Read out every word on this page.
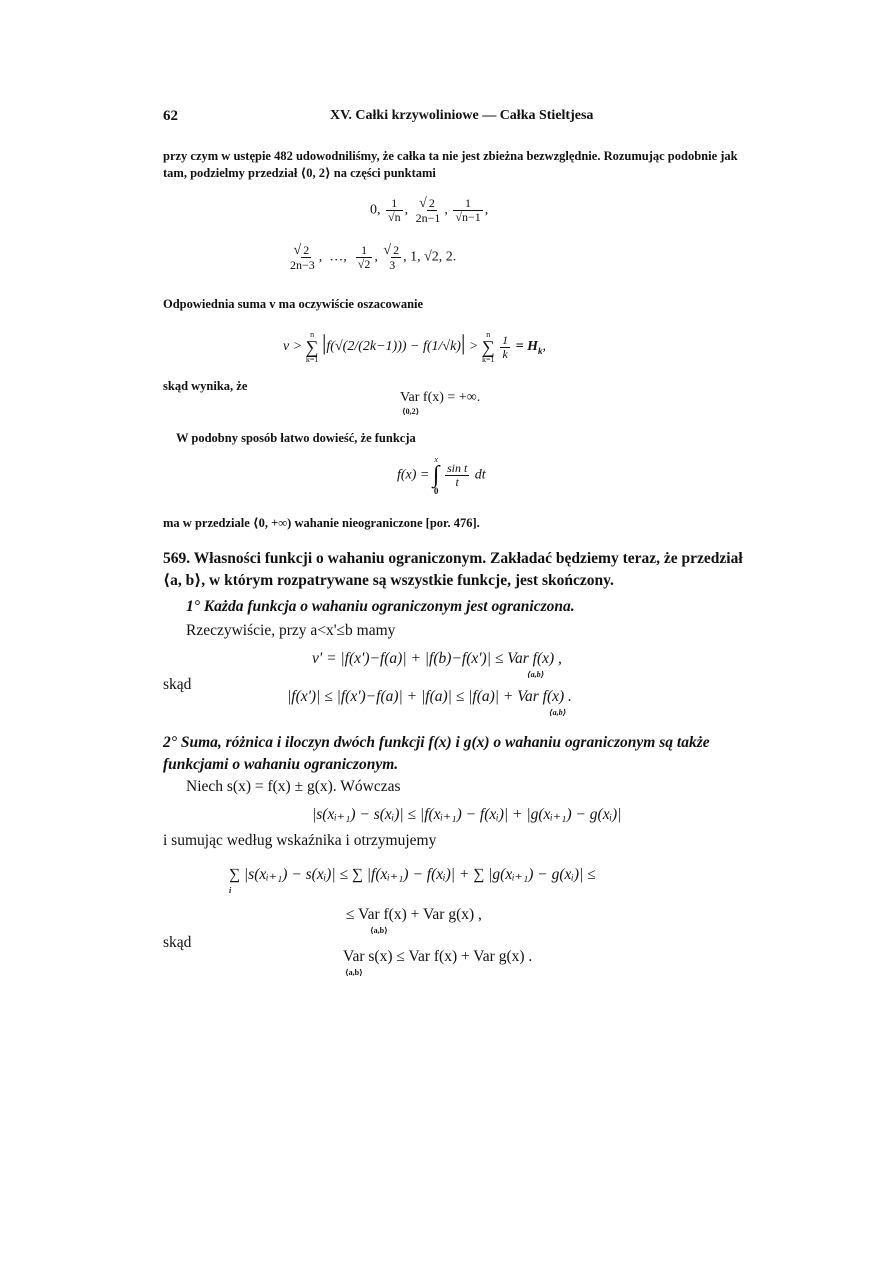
62	XV. Całki krzywoliniowe — Całka Stieltjesa
przy czym w ustępie 482 udowodniliśmy, że całka ta nie jest zbieżna bezwzględnie. Rozumując podobnie jak tam, podzielmy przedział ⟨0, 2⟩ na części punktami
0, $\frac{1}{√n}$ , √ 2
2n−1
, $\frac{1}{√n-1}$ ,
√ 2
2n−3
,  …, $\frac{1}{√2}$ , √ 2
3
, 1, √2, 2.
Odpowiednia suma v ma oczywiście oszacowanie
v >
n
∑
k=1
|f(√(2/(2k−1))) − f(1/√k)| >
n
∑
k=1
$\frac{1}{k} = H_k$,
skąd wynika, że
Var f(x) = +∞.
⟨0,2⟩
W podobny sposób łatwo dowieść, że funkcja
f(x) =
x
∫
0

$\frac{\text{sin t}}{t}$ dt
ma w przedziale ⟨0, +∞) wahanie nieograniczone [por. 476].
569. Własności funkcji o wahaniu ograniczonym. Zakładać będziemy teraz, że przedział ⟨a, b⟩, w którym rozpatrywane są wszystkie funkcje, jest skończony.
1° Każda funkcja o wahaniu ograniczonym jest ograniczona.
Rzeczywiście, przy a<x'≤b mamy
v' = |f(x')−f(a)| + |f(b)−f(x')| ≤ Var f(x) ,
⟨a,b⟩
skąd
|f(x')| ≤ |f(x')−f(a)| + |f(a)| ≤ |f(a)| + Var f(x) .
⟨a,b⟩
2° Suma, różnica i iloczyn dwóch funkcji f(x) i g(x) o wahaniu ograniczonym są także funkcjami o wahaniu ograniczonym.
Niech s(x) = f(x) ± g(x). Wówczas
|s(xᵢ₊₁) − s(xᵢ)| ≤ |f(xᵢ₊₁) − f(xᵢ)| + |g(xᵢ₊₁) − g(xᵢ)|
i sumując według wskaźnika i otrzymujemy
∑ |s(xᵢ₊₁) − s(xᵢ)| ≤ ∑ |f(xᵢ₊₁) − f(xᵢ)| + ∑ |g(xᵢ₊₁) − g(xᵢ)| ≤
i
≤ Var f(x) + Var g(x) ,
⟨a,b⟩
skąd
Var s(x) ≤ Var f(x) + Var g(x) .
⟨a,b⟩
